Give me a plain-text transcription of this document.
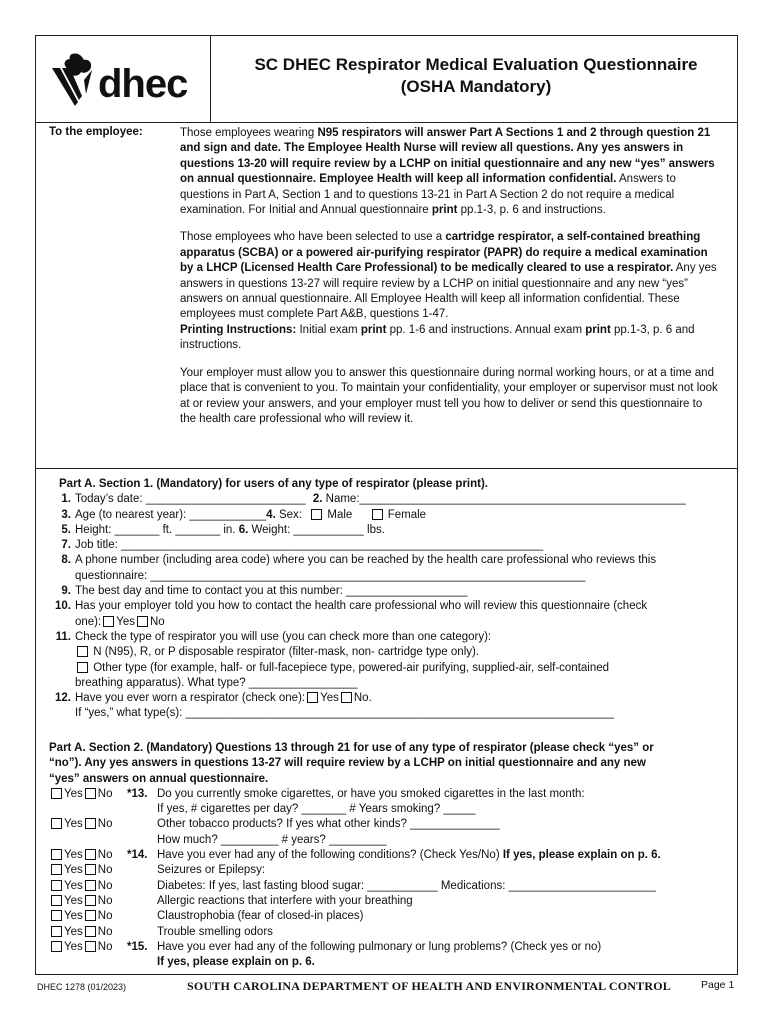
dhec	SC DHEC Respirator Medical Evaluation Questionnaire
(OSHA Mandatory)
To the employee:	Those employees wearing N95 respirators will answer Part A Sections 1 and 2 through question 21 and sign and date. The Employee Health Nurse will review all questions. Any yes answers in questions 13-20 will require review by a LCHP on initial questionnaire and any new “yes” answers on annual questionnaire. Employee Health will keep all information confidential. Answers to questions in Part A, Section 1 and to questions 13-21 in Part A Section 2 do not require a medical examination. For Initial and Annual questionnaire print pp.1-3, p. 6 and instructions.

Those employees who have been selected to use a cartridge respirator, a self-contained breathing apparatus (SCBA) or a powered air-purifying respirator (PAPR) do require a medical examination by a LHCP (Licensed Health Care Professional) to be medically cleared to use a respirator. Any yes answers in questions 13-27 will require review by a LCHP on initial questionnaire and any new “yes” answers on annual questionnaire. All Employee Health will keep all information confidential. These employees must complete Part A&B, questions 1-47.

Printing Instructions: Initial exam print pp. 1-6 and instructions. Annual exam print pp.1-3, p. 6 and instructions.

Your employer must allow you to answer this questionnaire during normal working hours, or at a time and place that is convenient to you. To maintain your confidentiality, your employer or supervisor must not look at or review your answers, and your employer must tell you how to deliver or send this questionnaire to the health care professional who will review it.

Part A. Section 1. (Mandatory) for users of any type of respirator (please print).
1. Today’s date: _________________________ 2. Name:___________________________________________________
3. Age (to nearest year): ____________4. Sex: Male	Female
5. Height: _______ ft. _______ in. 6. Weight: ___________ lbs.
7. Job title: __________________________________________________________________
8. A phone number (including area code) where you can be reached by the health care professional who reviews this
questionnaire: ____________________________________________________________________
9. The best day and time to contact you at this number: ___________________
10. Has your employer told you how to contact the health care professional who will review this questionnaire (check
one): Yes No
11. Check the type of respirator you will use (you can check more than one category):
N (N95), R, or P disposable respirator (filter-mask, non- cartridge type only).
Other type (for example, half- or full-facepiece type, powered-air purifying, supplied-air, self-contained
breathing apparatus). What type? _________________
12. Have you ever worn a respirator (check one): Yes No.
If “yes,” what type(s): ___________________________________________________________________
Part A. Section 2. (Mandatory) Questions 13 through 21 for use of any type of respirator (please check “yes” or
“no”). Any yes answers in questions 13-27 will require review by a LCHP on initial questionnaire and any new
“yes” answers on annual questionnaire.
Yes No *13. Do you currently smoke cigarettes, or have you smoked cigarettes in the last month:
If yes, # cigarettes per day? _______ # Years smoking? _____
Yes No	Other tobacco products? If yes what other kinds? ______________
How much? _________ # years? _________
Yes No *14. Have you ever had any of the following conditions? (Check Yes/No) If yes, please explain on p. 6.
Yes No	Seizures or Epilepsy:
Yes No	Diabetes: If yes, last fasting blood sugar: ___________ Medications: _______________________
Yes No	Allergic reactions that interfere with your breathing
Yes No	Claustrophobia (fear of closed-in places)
Yes No	Trouble smelling odors
Yes No *15. Have you ever had any of the following pulmonary or lung problems? (Check yes or no)
If yes, please explain on p. 6.
DHEC 1278 (01/2023)	SOUTH CAROLINA DEPARTMENT OF HEALTH AND ENVIRONMENTAL CONTROL	Page 1
